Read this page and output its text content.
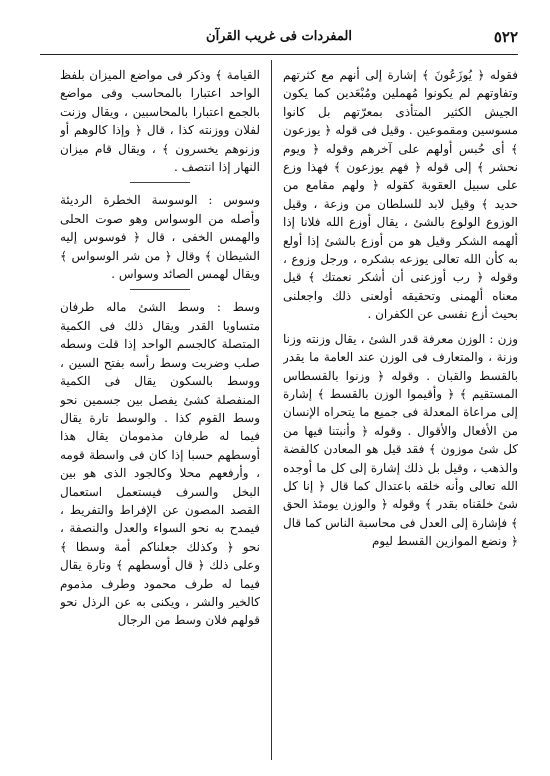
٥٢٢
المفردات فى غريب القرآن

فقوله ﴿ يُوزَعُونَ ﴾ إشارة إلى أنهم مع كثرتهم وتفاوتهم لم يكونوا مُهملين ومُبْعَدين كما يكون الجيش الكثير المتأذى بمعرّتهم بل كانوا مسوسين ومقموعين . وقيل فى قوله ﴿ يوزعون ﴾ أى حُبس أولهم على آخرهم وقوله ﴿ ويوم نحشر ﴾ إلى قوله ﴿ فهم يوزعون ﴾ فهذا وزع على سبيل العقوبة كقوله ﴿ ولهم مقامع من حديد ﴾ وقيل لابد للسلطان من وزعة ، وقيل الوزوع الولوع بالشئ ، يقال أوزع الله فلانا إذا ألهمه الشكر وقيل هو من أوزع بالشئ إذا أولع به كأن الله تعالى يوزعه بشكره ، ورجل وزوع ، وقوله ﴿ رب أوزعنى أن أشكر نعمتك ﴾ قيل معناه ألهمنى وتحقيقه أولعنى ذلك واجعلنى بحيث أزع نفسى عن الكفران .

وزن : الوزن معرفة قدر الشئ ، يقال وزنته وزنا وزنة ، والمتعارف فى الوزن عند العامة ما يقدر بالقسط والقبان . وقوله ﴿ وزنوا بالقسطاس المستقيم ﴾ ﴿ وأقيموا الوزن بالقسط ﴾ إشارة إلى مراعاة المعدلة فى جميع ما يتحراه الإنسان من الأفعال والأقوال . وقوله ﴿ وأنبتنا فيها من كل شئ موزون ﴾ فقد قيل هو المعادن كالفضة والذهب ، وقيل بل ذلك إشارة إلى كل ما أوجده الله تعالى وأنه خلقه باعتدال كما قال ﴿ إنا كل شئ خلقناه بقدر ﴾ وقوله ﴿ والوزن يومئذ الحق ﴾ فإشارة إلى العدل فى محاسبة الناس كما قال ﴿ ونضع الموازين القسط ليوم

القيامة ﴾ وذكر فى مواضع الميزان بلفظ الواحد اعتبارا بالمحاسب وفى مواضع بالجمع اعتبارا بالمحاسبين ، ويقال وزنت لفلان ووزنته كذا ، قال ﴿ وإذا كالوهم أو وزنوهم يخسرون ﴾ ، ويقال قام ميزان النهار إذا انتصف .

وسوس : الوسوسة الخطرة الرديئة وأصله من الوسواس وهو صوت الحلى والهمس الخفى ، قال ﴿ فوسوس إليه الشيطان ﴾ وقال ﴿ من شر الوسواس ﴾ ويقال لهمس الصائد وسواس .

وسط : وسط الشئ ماله طرفان متساويا القدر ويقال ذلك فى الكمية المتصلة كالجسم الواحد إذا قلت وسطه صلب وضربت وسط رأسه بفتح السين ، ووسط بالسكون يقال فى الكمية المنفصلة كشئ يفصل بين جسمين نحو وسط القوم كذا . والوسط تارة يقال فيما له طرفان مذمومان يقال هذا أوسطهم حسبا إذا كان فى واسطة قومه ، وأرفعهم محلا وكالجود الذى هو بين البخل والسرف فيستعمل استعمال القصد المصون عن الإفراط والتفريط ، فيمدح به نحو السواء والعدل والنصفة ، نحو ﴿ وكذلك جعلناكم أمة وسطا ﴾ وعلى ذلك ﴿ قال أوسطهم ﴾ وتارة يقال فيما له طرف محمود وطرف مذموم كالخير والشر ، ويكنى به عن الرذل نحو قولهم فلان وسط من الرجال
